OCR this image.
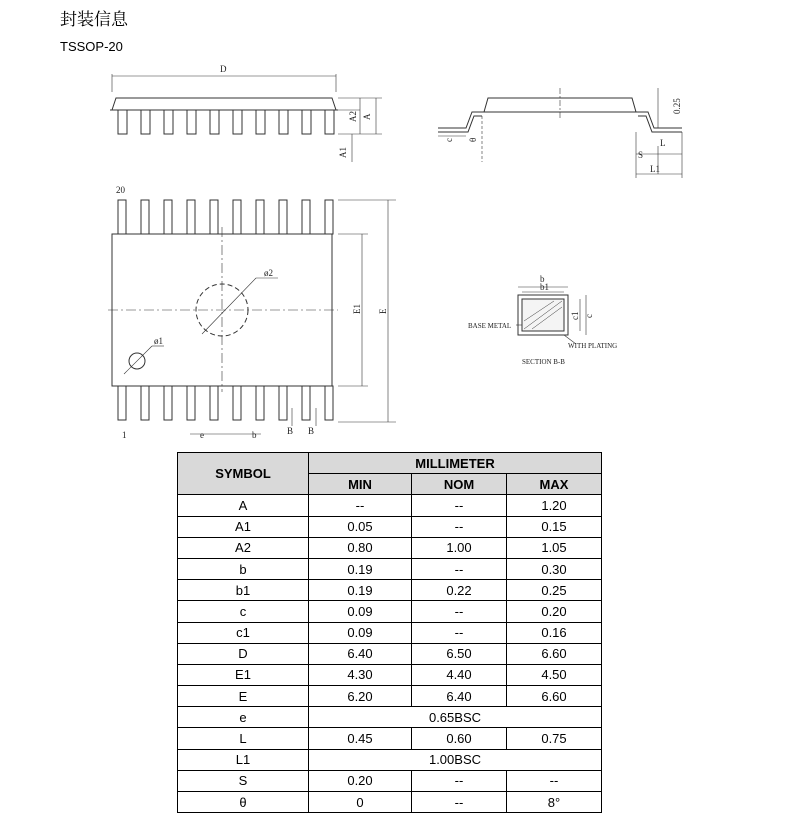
封装信息
TSSOP-20
D
A
A2
A1
0.25
c θ
S
L
L1
20
1
ø2
ø1
E1 E
e	b	B B
b
b1
c1 c
BASE METAL
WITH PLATING
SECTION B-B
SYMBOL	MILLIMETER		
	MIN	NOM	MAX
A	--	--	1.20
A1	0.05	--	0.15
A2	0.80	1.00	1.05
b	0.19	--	0.30
b1	0.19	0.22	0.25
c	0.09	--	0.20
c1	0.09	--	0.16
D	6.40	6.50	6.60
E1	4.30	4.40	4.50
E	6.20	6.40	6.60
e	0.65BSC		
L	0.45	0.60	0.75
L1	1.00BSC		
S	0.20	--	--
θ	0	--	8°
